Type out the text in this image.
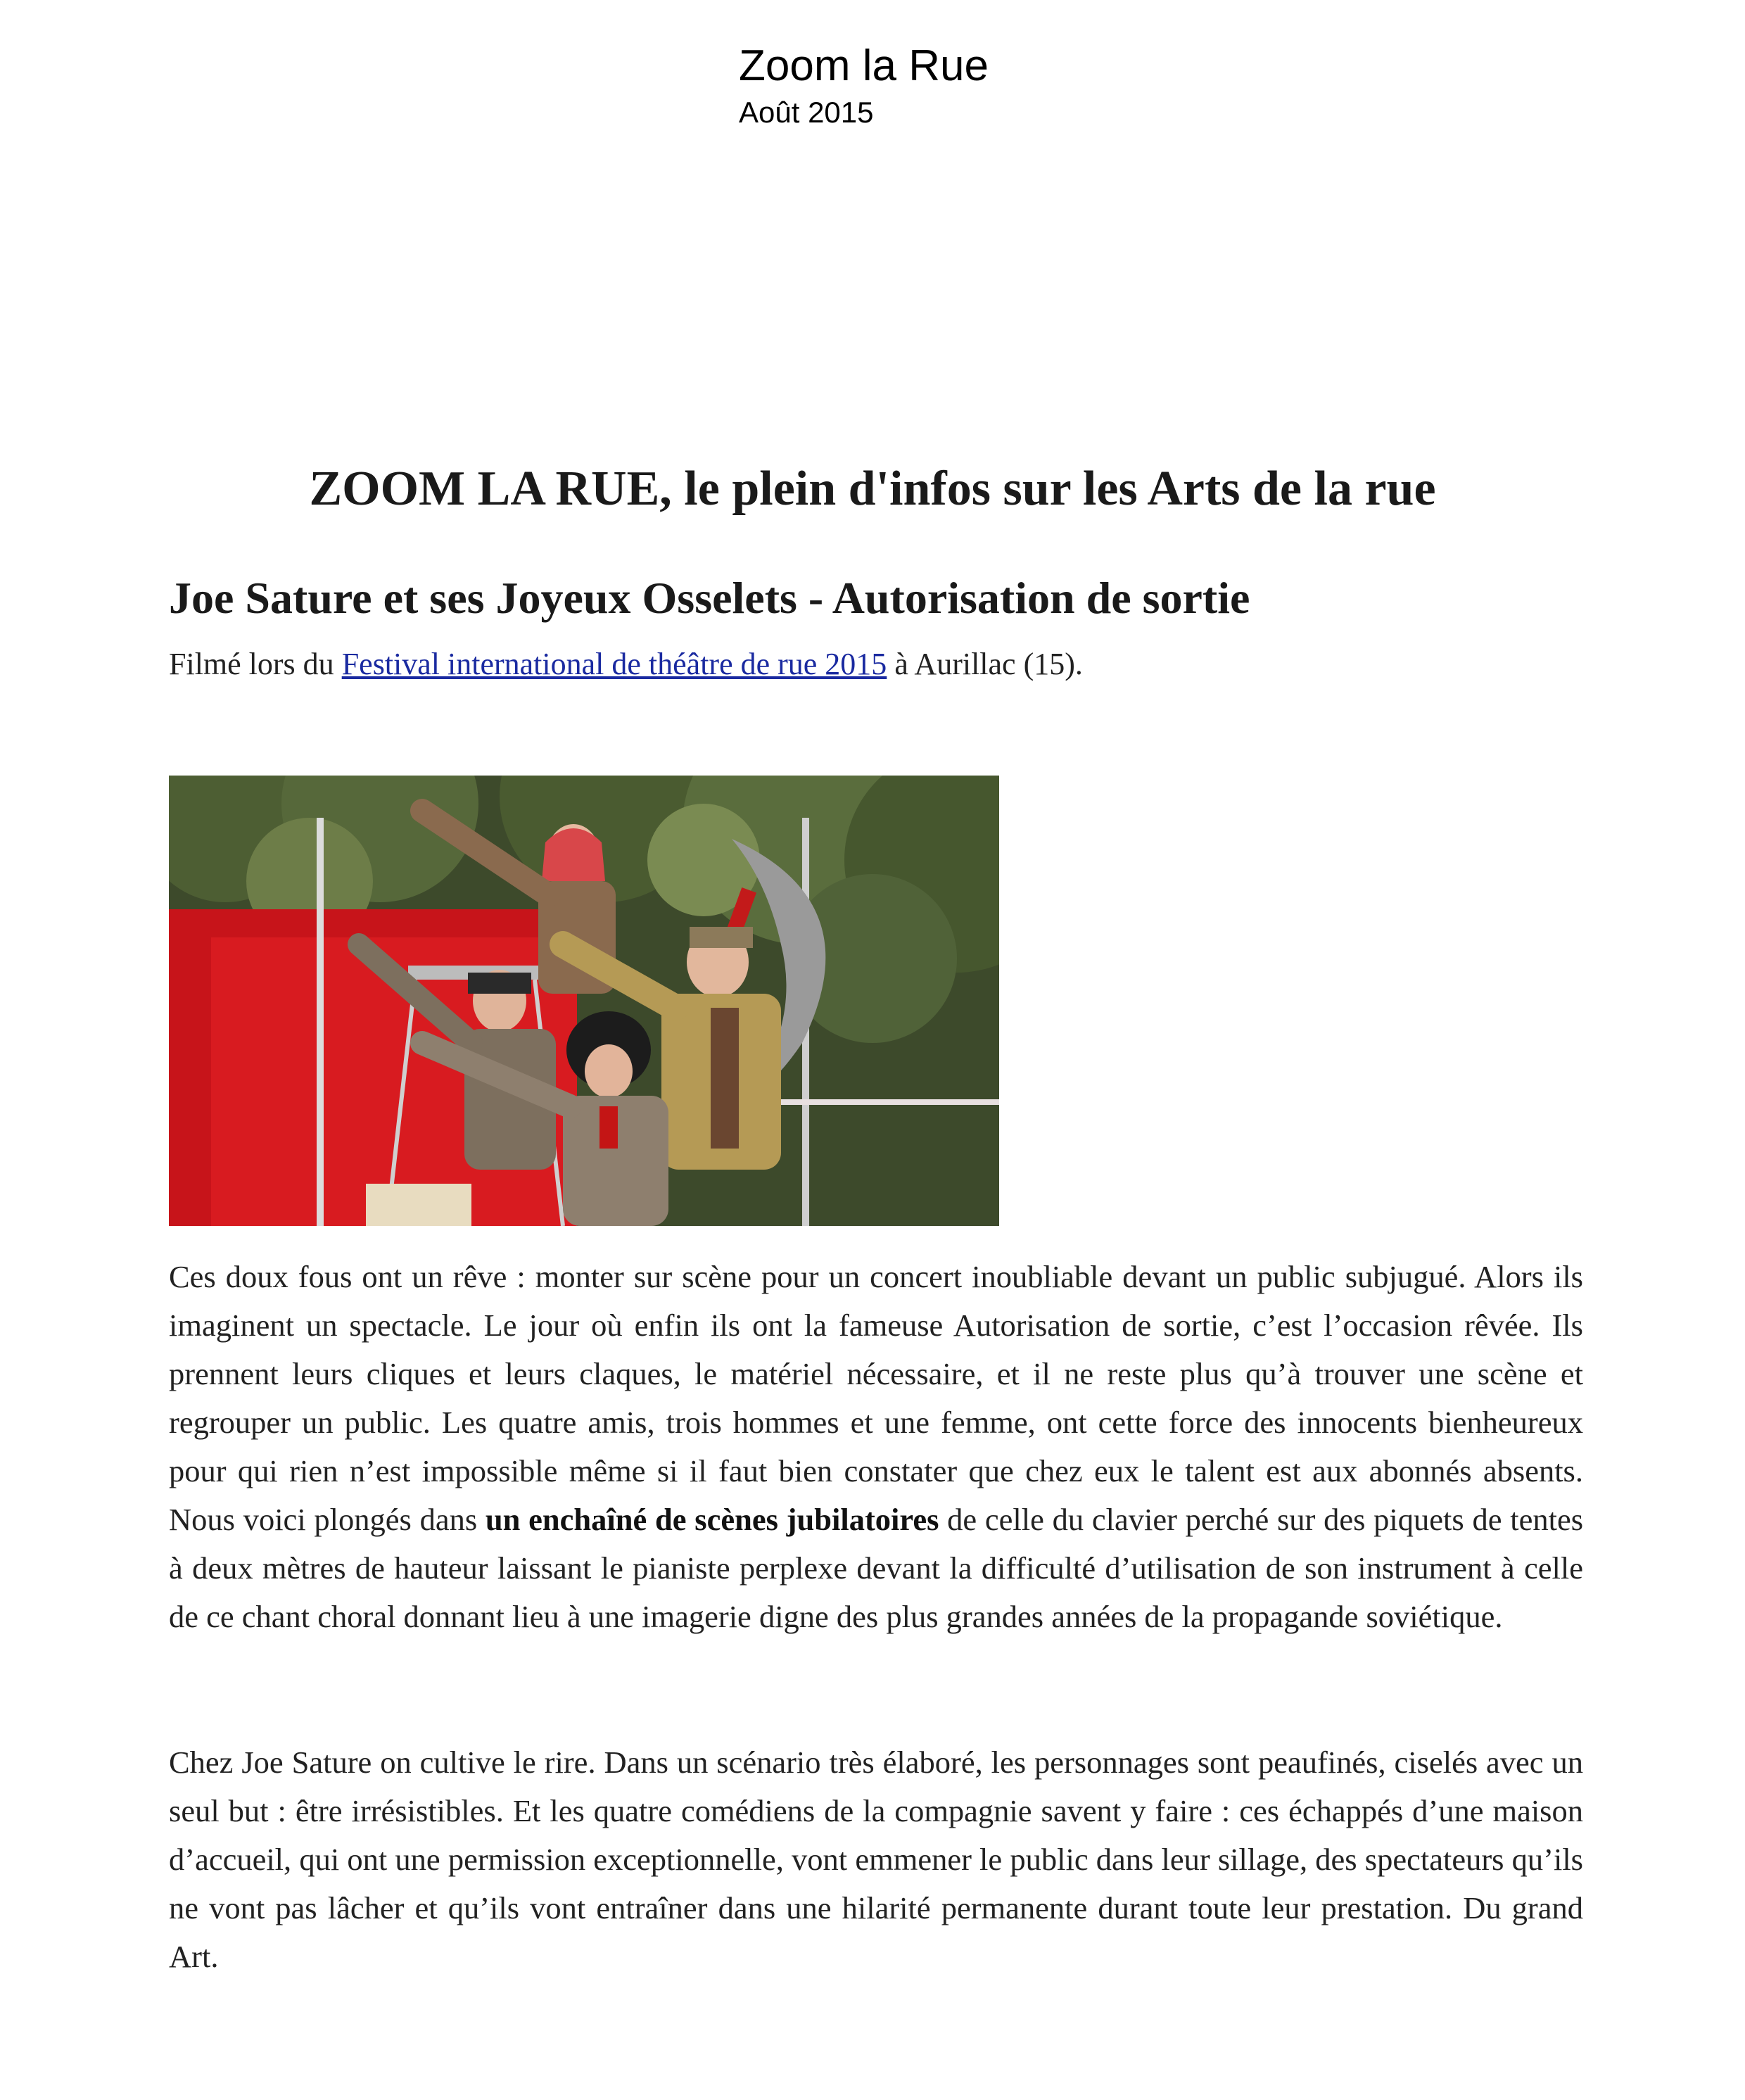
Zoom la Rue
Août 2015
ZOOM LA RUE, le plein d'infos sur les Arts de la rue
Joe Sature et ses Joyeux Osselets - Autorisation de sortie
Filmé lors du Festival international de théâtre de rue 2015 à Aurillac (15).

Ces doux fous ont un rêve : monter sur scène pour un concert inoubliable devant un public subjugué. Alors ils imaginent un spectacle. Le jour où enfin ils ont la fameuse Autorisation de sortie, c’est l’occasion rêvée. Ils prennent leurs cliques et leurs claques, le matériel nécessaire, et il ne reste plus qu’à trouver une scène et regrouper un public. Les quatre amis, trois hommes et une femme, ont cette force des innocents bienheureux pour qui rien n’est impossible même si il faut bien constater que chez eux le talent est aux abonnés absents. Nous voici plongés dans un enchaîné de scènes jubilatoires de celle du clavier perché sur des piquets de tentes à deux mètres de hauteur laissant le pianiste perplexe devant la difficulté d’utilisation de son instrument à celle de ce chant choral donnant lieu à une imagerie digne des plus grandes années de la propagande soviétique.

Chez Joe Sature on cultive le rire. Dans un scénario très élaboré, les personnages sont peaufinés, ciselés avec un seul but : être irrésistibles. Et les quatre comédiens de la compagnie savent y faire : ces échappés d’une maison d’accueil, qui ont une permission exceptionnelle, vont emmener le public dans leur sillage, des spectateurs qu’ils ne vont pas lâcher et qu’ils vont entraîner dans une hilarité permanente durant toute leur prestation. Du grand Art.
